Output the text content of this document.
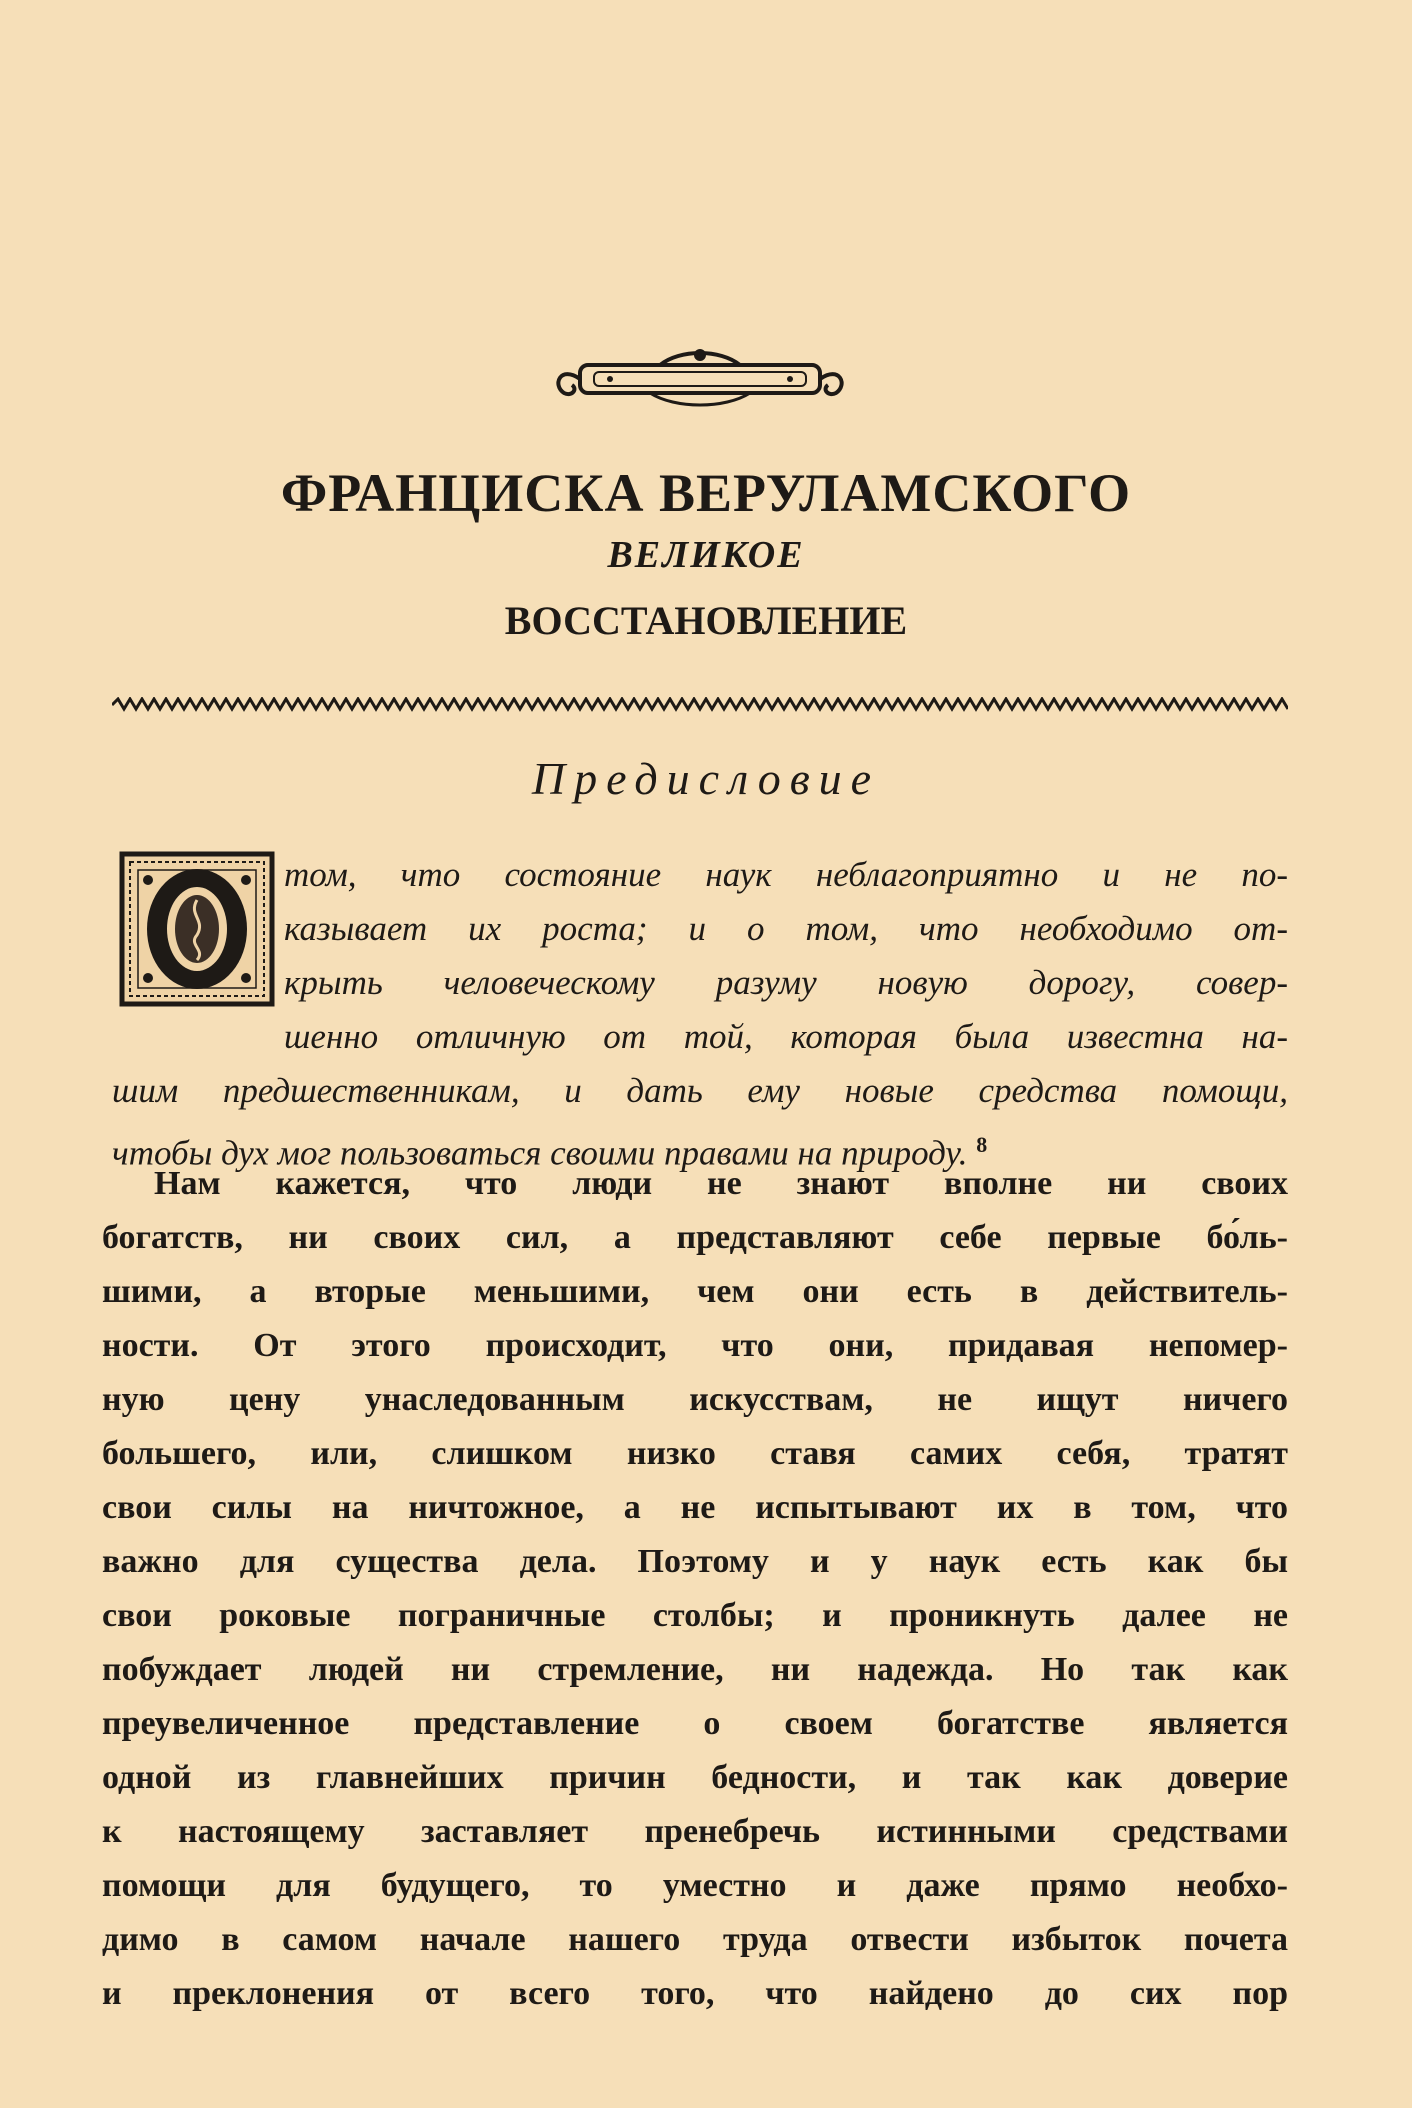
ФРАНЦИСКА ВЕРУЛАМСКОГО
ВЕЛИКОЕ
ВОССТАНОВЛЕНИЕ
Предисловие
том, что состояние наук неблагоприятно и не по-
казывает их роста; и о том, что необходимо от-
крыть человеческому разуму новую дорогу, совер-
шенно отличную от той, которая была известна на-
шим предшественникам, и дать ему новые средства помощи,
чтобы дух мог пользоваться своими правами на природу. $^8$
Нам кажется, что люди не знают вполне ни своих
богатств, ни своих сил, а представляют себе первые бо́ль-
шими, а вторые меньшими, чем они есть в действитель-
ности. От этого происходит, что они, придавая непомер-
ную цену унаследованным искусствам, не ищут ничего
большего, или, слишком низко ставя самих себя, тратят
свои силы на ничтожное, а не испытывают их в том, что
важно для существа дела. Поэтому и у наук есть как бы
свои роковые пограничные столбы; и проникнуть далее не
побуждает людей ни стремление, ни надежда. Но так как
преувеличенное представление о своем богатстве является
одной из главнейших причин бедности, и так как доверие
к настоящему заставляет пренебречь истинными средствами
помощи для будущего, то уместно и даже прямо необхо-
димо в самом начале нашего труда отвести избыток почета
и преклонения от всего того, что найдено до сих пор
